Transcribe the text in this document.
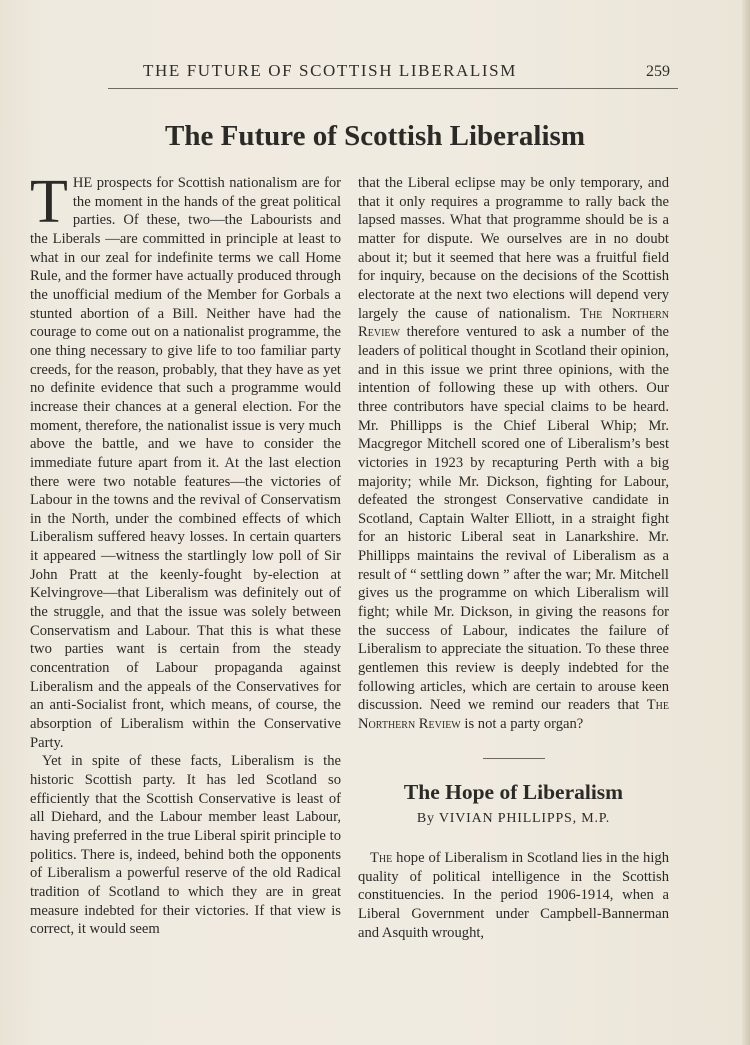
THE FUTURE OF SCOTTISH LIBERALISM	259
The Future of Scottish Liberalism

THE prospects for Scottish nationalism are for the moment in the hands of the great political parties. Of these, two—the Labourists and the Liberals —are committed in principle at least to what in our zeal for indefinite terms we call Home Rule, and the former have actually produced through the unofficial medium of the Member for Gorbals a stunted abortion of a Bill. Neither have had the courage to come out on a nationalist programme, the one thing necessary to give life to too familiar party creeds, for the reason, probably, that they have as yet no definite evidence that such a programme would increase their chances at a general election. For the moment, therefore, the nationalist issue is very much above the battle, and we have to consider the immediate future apart from it. At the last election there were two notable features—the victories of Labour in the towns and the revival of Conservatism in the North, under the combined effects of which Liberalism suffered heavy losses. In certain quarters it appeared —witness the startlingly low poll of Sir John Pratt at the keenly-fought by-election at Kelvingrove—that Liberalism was definitely out of the struggle, and that the issue was solely between Conservatism and Labour. That this is what these two parties want is certain from the steady concentration of Labour propaganda against Liberalism and the appeals of the Conservatives for an anti-Socialist front, which means, of course, the absorption of Liberalism within the Conservative Party.

Yet in spite of these facts, Liberalism is the historic Scottish party. It has led Scotland so efficiently that the Scottish Conservative is least of all Diehard, and the Labour member least Labour, having preferred in the true Liberal spirit principle to politics. There is, indeed, behind both the opponents of Liberalism a powerful reserve of the old Radical tradition of Scotland to which they are in great measure indebted for their victories. If that view is correct, it would seem

that the Liberal eclipse may be only temporary, and that it only requires a programme to rally back the lapsed masses. What that programme should be is a matter for dispute. We ourselves are in no doubt about it; but it seemed that here was a fruitful field for inquiry, because on the decisions of the Scottish electorate at the next two elections will depend very largely the cause of nationalism. The Northern Review therefore ventured to ask a number of the leaders of political thought in Scotland their opinion, and in this issue we print three opinions, with the intention of following these up with others. Our three contributors have special claims to be heard. Mr. Phillipps is the Chief Liberal Whip; Mr. Macgregor Mitchell scored one of Liberalism’s best victories in 1923 by recapturing Perth with a big majority; while Mr. Dickson, fighting for Labour, defeated the strongest Conservative candidate in Scotland, Captain Walter Elliott, in a straight fight for an historic Liberal seat in Lanarkshire. Mr. Phillipps maintains the revival of Liberalism as a result of “ settling down ” after the war; Mr. Mitchell gives us the programme on which Liberalism will fight; while Mr. Dickson, in giving the reasons for the success of Labour, indicates the failure of Liberalism to appreciate the situation. To these three gentlemen this review is deeply indebted for the following articles, which are certain to arouse keen discussion. Need we remind our readers that The Northern Review is not a party organ?

The Hope of Liberalism
By VIVIAN PHILLIPPS, M.P.

The hope of Liberalism in Scotland lies in the high quality of political intelligence in the Scottish constituencies. In the period 1906-1914, when a Liberal Government under Campbell-Bannerman and Asquith wrought,
